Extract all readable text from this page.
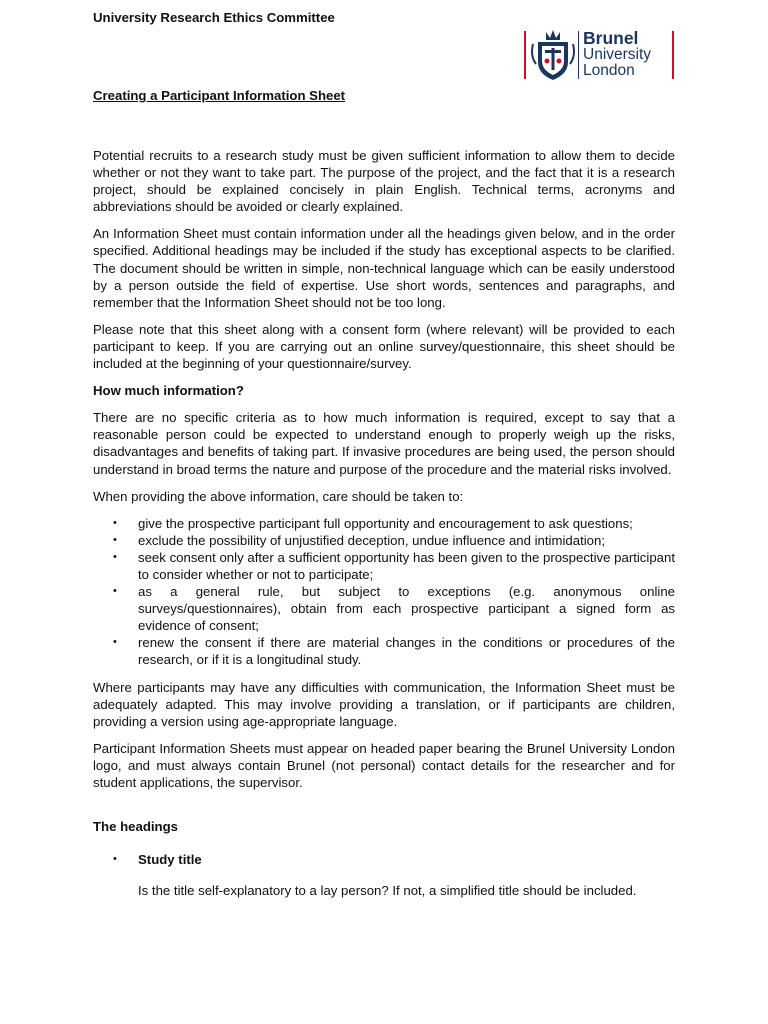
University Research Ethics Committee
Brunel
University
London
Creating a Participant Information Sheet

Potential recruits to a research study must be given sufficient information to allow them to decide whether or not they want to take part. The purpose of the project, and the fact that it is a research project, should be explained concisely in plain English. Technical terms, acronyms and abbreviations should be avoided or clearly explained.

An Information Sheet must contain information under all the headings given below, and in the order specified. Additional headings may be included if the study has exceptional aspects to be clarified. The document should be written in simple, non-technical language which can be easily understood by a person outside the field of expertise. Use short words, sentences and paragraphs, and remember that the Information Sheet should not be too long.

Please note that this sheet along with a consent form (where relevant) will be provided to each participant to keep. If you are carrying out an online survey/questionnaire, this sheet should be included at the beginning of your questionnaire/survey.

How much information?

There are no specific criteria as to how much information is required, except to say that a reasonable person could be expected to understand enough to properly weigh up the risks, disadvantages and benefits of taking part. If invasive procedures are being used, the person should understand in broad terms the nature and purpose of the procedure and the material risks involved.

When providing the above information, care should be taken to:

• give the prospective participant full opportunity and encouragement to ask questions;
• exclude the possibility of unjustified deception, undue influence and intimidation;
• seek consent only after a sufficient opportunity has been given to the prospective participant to consider whether or not to participate;
• as a general rule, but subject to exceptions (e.g. anonymous online surveys/questionnaires), obtain from each prospective participant a signed form as evidence of consent;
• renew the consent if there are material changes in the conditions or procedures of the research, or if it is a longitudinal study.

Where participants may have any difficulties with communication, the Information Sheet must be adequately adapted. This may involve providing a translation, or if participants are children, providing a version using age-appropriate language.

Participant Information Sheets must appear on headed paper bearing the Brunel University London logo, and must always contain Brunel (not personal) contact details for the researcher and for student applications, the supervisor.

The headings
• Study title

Is the title self-explanatory to a lay person? If not, a simplified title should be included.
